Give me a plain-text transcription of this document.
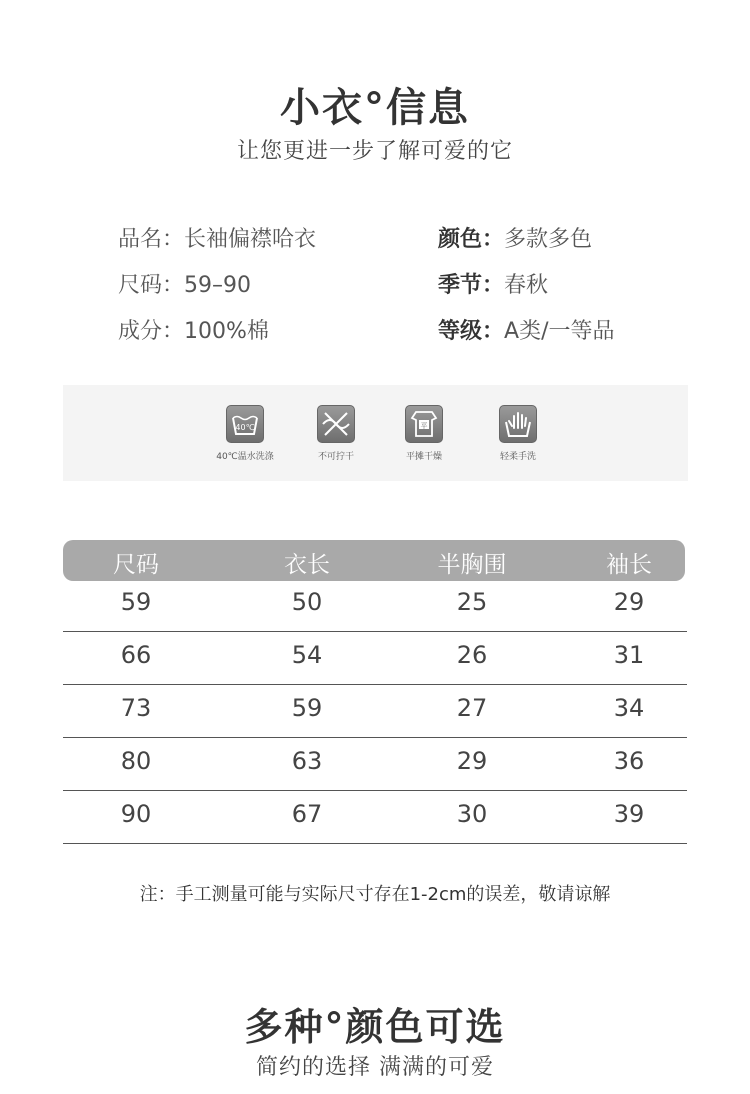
小衣°信息
让您更进一步了解可爱的它
品名：长袖偏襟哈衣
尺码：59–90
成分：100%棉
颜色：多款多色
季节：春秋
等级：A类/一等品
40℃
40℃温水洗涤	不可拧干
平
平摊干燥	轻柔手洗
尺码	衣长	半胸围	袖长
59	50	25	29
66	54	26	31
73	59	27	34
80	63	29	36
90	67	30	39
注：手工测量可能与实际尺寸存在1-2cm的误差，敬请谅解
多种°颜色可选
简约的选择 满满的可爱
